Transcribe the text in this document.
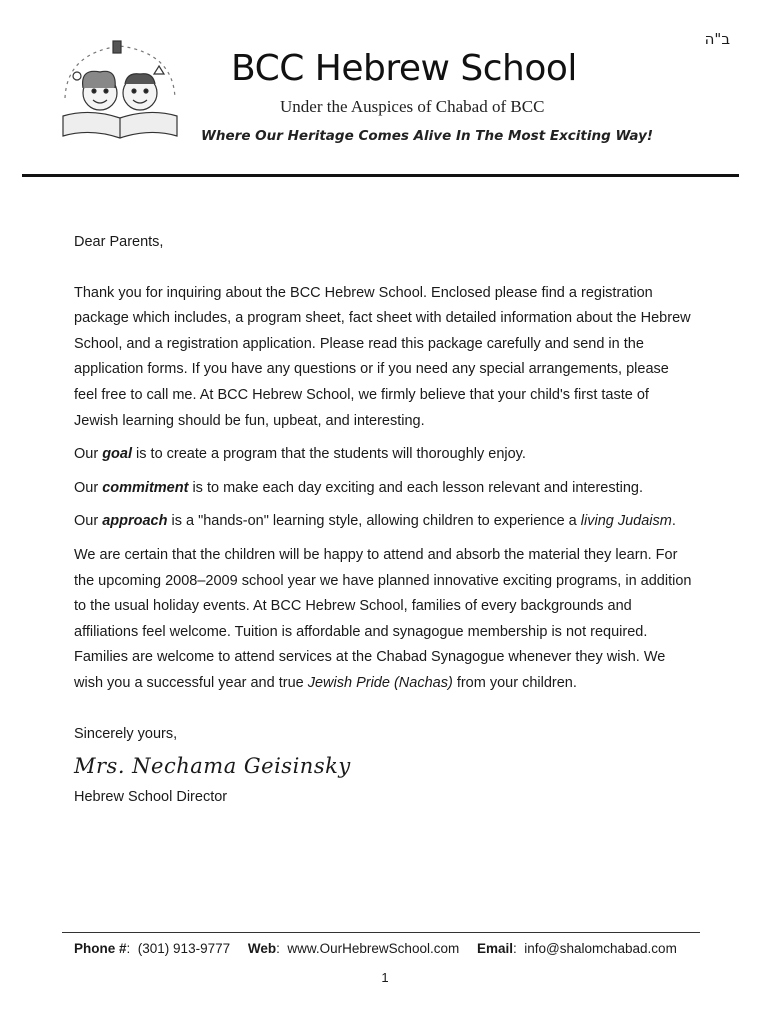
ב"ה
BCC Hebrew School

Under the Auspices of Chabad of BCC

Where Our Heritage Comes Alive In The Most Exciting Way!

Dear Parents,

Thank you for inquiring about the BCC Hebrew School. Enclosed please find a registration package which includes, a program sheet, fact sheet with detailed information about the Hebrew School, and a registration application. Please read this package carefully and send in the application forms. If you have any questions or if you need any special arrangements, please feel free to call me. At BCC Hebrew School, we firmly believe that your child's first taste of Jewish learning should be fun, upbeat, and interesting.

Our goal is to create a program that the students will thoroughly enjoy.

Our commitment is to make each day exciting and each lesson relevant and interesting.

Our approach is a "hands-on" learning style, allowing children to experience a living Judaism.

We are certain that the children will be happy to attend and absorb the material they learn. For the upcoming 2008–2009 school year we have planned innovative exciting programs, in addition to the usual holiday events. At BCC Hebrew School, families of every backgrounds and affiliations feel welcome. Tuition is affordable and synagogue membership is not required. Families are welcome to attend services at the Chabad Synagogue whenever they wish. We wish you a successful year and true Jewish Pride (Nachas) from your children.

Sincerely yours,

Mrs. Nechama Geisinsky

Hebrew School Director

Phone #:  (301) 913-9777 Web:  www.OurHebrewSchool.com Email:  info@shalomchabad.com
1
